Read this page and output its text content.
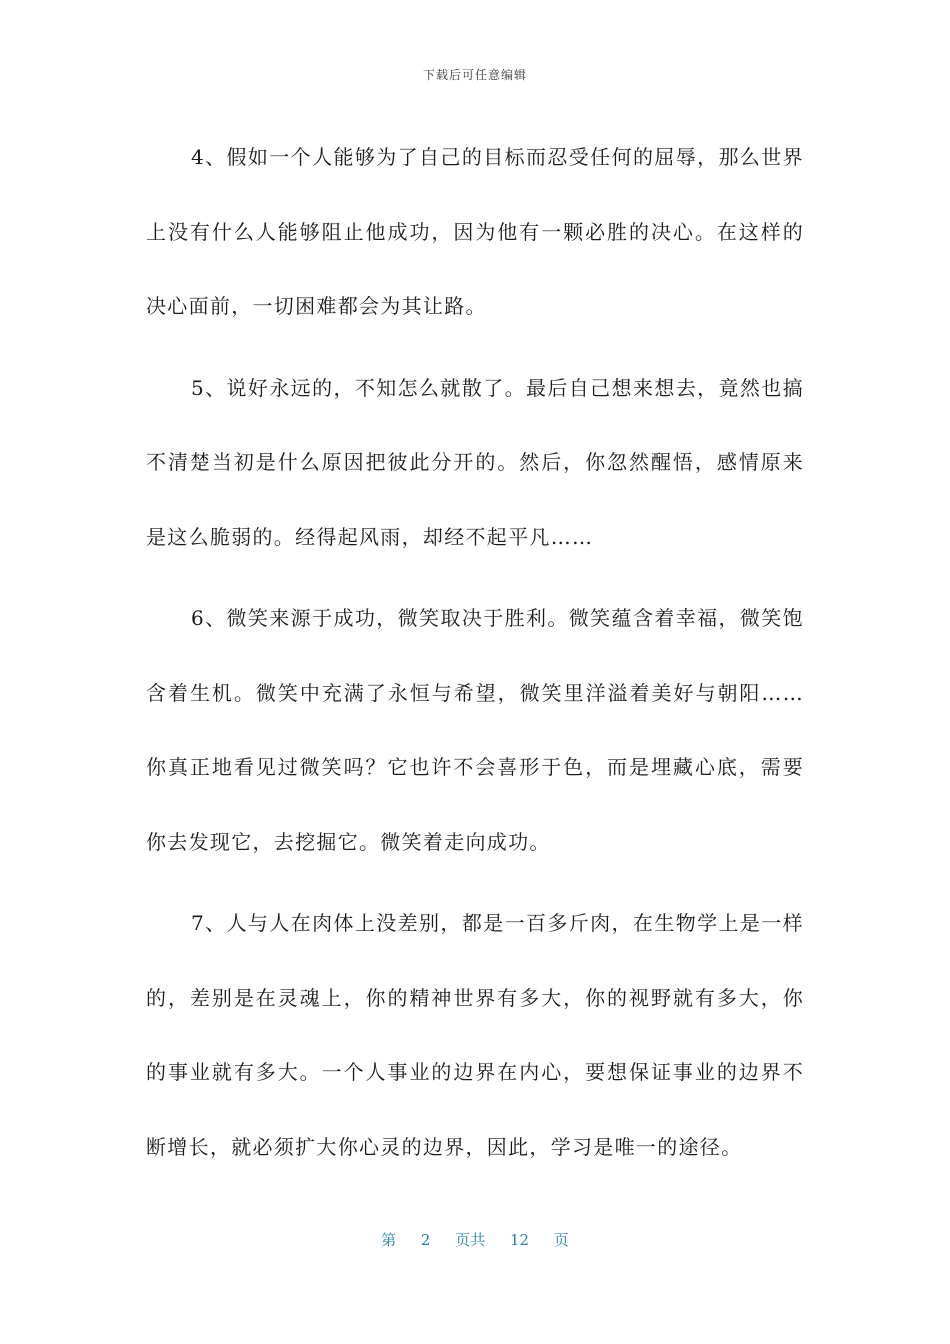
下载后可任意编辑

4、假如一个人能够为了自己的目标而忍受任何的屈辱，那么世界上没有什么人能够阻止他成功，因为他有一颗必胜的决心。在这样的决心面前，一切困难都会为其让路。

5、说好永远的，不知怎么就散了。最后自己想来想去，竟然也搞不清楚当初是什么原因把彼此分开的。然后，你忽然醒悟，感情原来是这么脆弱的。经得起风雨，却经不起平凡……

6、微笑来源于成功，微笑取决于胜利。微笑蕴含着幸福，微笑饱含着生机。微笑中充满了永恒与希望，微笑里洋溢着美好与朝阳……你真正地看见过微笑吗？它也许不会喜形于色，而是埋藏心底，需要你去发现它，去挖掘它。微笑着走向成功。

7、人与人在肉体上没差别，都是一百多斤肉，在生物学上是一样的，差别是在灵魂上，你的精神世界有多大，你的视野就有多大，你的事业就有多大。一个人事业的边界在内心，要想保证事业的边界不断增长，就必须扩大你心灵的边界，因此，学习是唯一的途径。

第 2 页共 12 页
